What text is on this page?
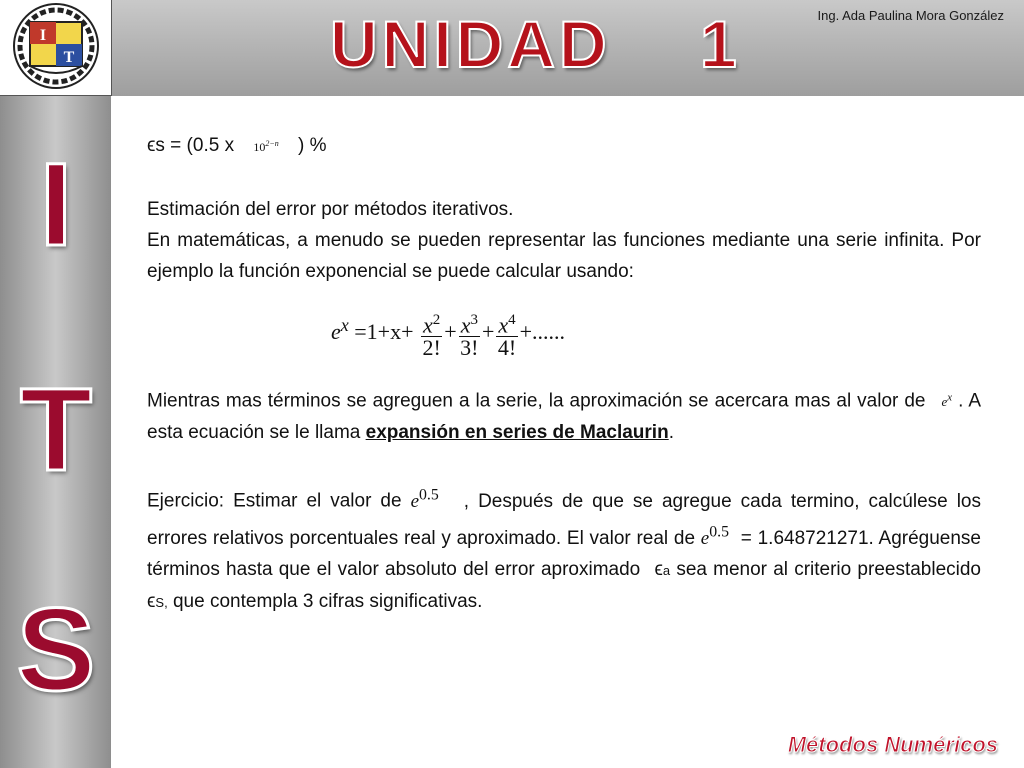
I
T	UNIDAD    1	Ing. Ada Paulina Mora González
I
T
S

ϵs = (0.5 x $10^{2-n}$ ) %

Estimación del error por métodos iterativos.

En matemáticas, a menudo se pueden representar las funciones mediante una serie infinita. Por ejemplo la función exponencial se puede calcular usando:

$e^x =1+x+ \frac{x^2}{2!} + \frac{x^3}{3!} + \frac{x^4}{4!}$ +......

Mientras mas términos se agreguen a la serie, la aproximación se acercara mas al valor de $e^x$ . A esta ecuación se le llama expansión en series de Maclaurin.

Ejercicio: Estimar el valor de $e^{0.5}$ , Después de que se agregue cada termino, calcúlese los errores relativos porcentuales real y aproximado. El valor real de $e^{0.5} = 1.648721271$. Agréguense términos hasta que el valor absoluto del error aproximado ϵa sea menor al criterio preestablecido ϵS, que contempla 3 cifras significativas.

Métodos Numéricos
